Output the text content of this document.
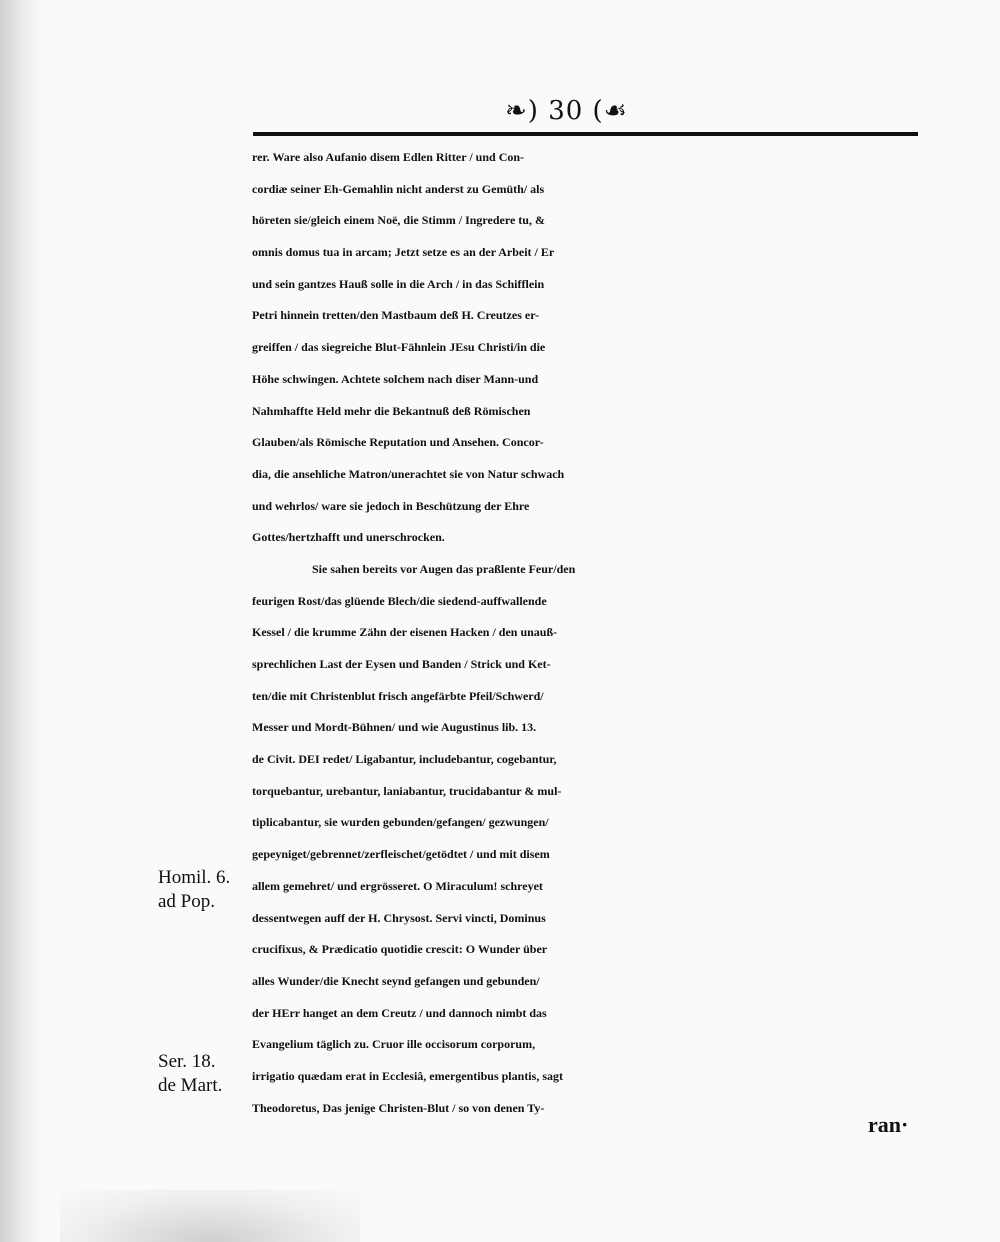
❧) 30 (☙
rer. Ware also Aufanio disem Edlen Ritter / und Con-
cordiæ seiner Eh-Gemahlin nicht anderst zu Gemüth/ als
höreten sie/gleich einem Noë, die Stimm / Ingredere tu, &
omnis domus tua in arcam; Jetzt setze es an der Arbeit / Er
und sein gantzes Hauß solle in die Arch / in das Schifflein
Petri hinnein tretten/den Mastbaum deß H. Creutzes er-
greiffen / das siegreiche Blut-Fähnlein JEsu Christi/in die
Höhe schwingen. Achtete solchem nach diser Mann-und
Nahmhaffte Held mehr die Bekantnuß deß Römischen
Glauben/als Römische Reputation und Ansehen. Concor-
dia, die ansehliche Matron/unerachtet sie von Natur schwach
und wehrlos/ ware sie jedoch in Beschützung der Ehre
Gottes/hertzhafft und unerschrocken.
Sie sahen bereits vor Augen das praßlente Feur/den
feurigen Rost/das glüende Blech/die siedend-auffwallende
Kessel / die krumme Zähn der eisenen Hacken / den unauß-
sprechlichen Last der Eysen und Banden / Strick und Ket-
ten/die mit Christenblut frisch angefärbte Pfeil/Schwerd/
Messer und Mordt-Bühnen/ und wie Augustinus lib. 13.
de Civit. DEI redet/ Ligabantur, includebantur, cogebantur,
torquebantur, urebantur, laniabantur, trucidabantur & mul-
tiplicabantur, sie wurden gebunden/gefangen/ gezwungen/
gepeyniget/gebrennet/zerfleischet/getödtet / und mit disem
allem gemehret/ und ergrösseret. O Miraculum! schreyet
dessentwegen auff der H. Chrysost. Servi vincti, Dominus
crucifixus, & Prædicatio quotidie crescit: O Wunder über
alles Wunder/die Knecht seynd gefangen und gebunden/
der HErr hanget an dem Creutz / und dannoch nimbt das
Evangelium täglich zu. Cruor ille occisorum corporum,
irrigatio quædam erat in Ecclesiâ, emergentibus plantis, sagt
Theodoretus, Das jenige Christen-Blut / so von denen Ty-
Homil. 6.
ad Pop.
Ser. 18.
de Mart.
ran·
